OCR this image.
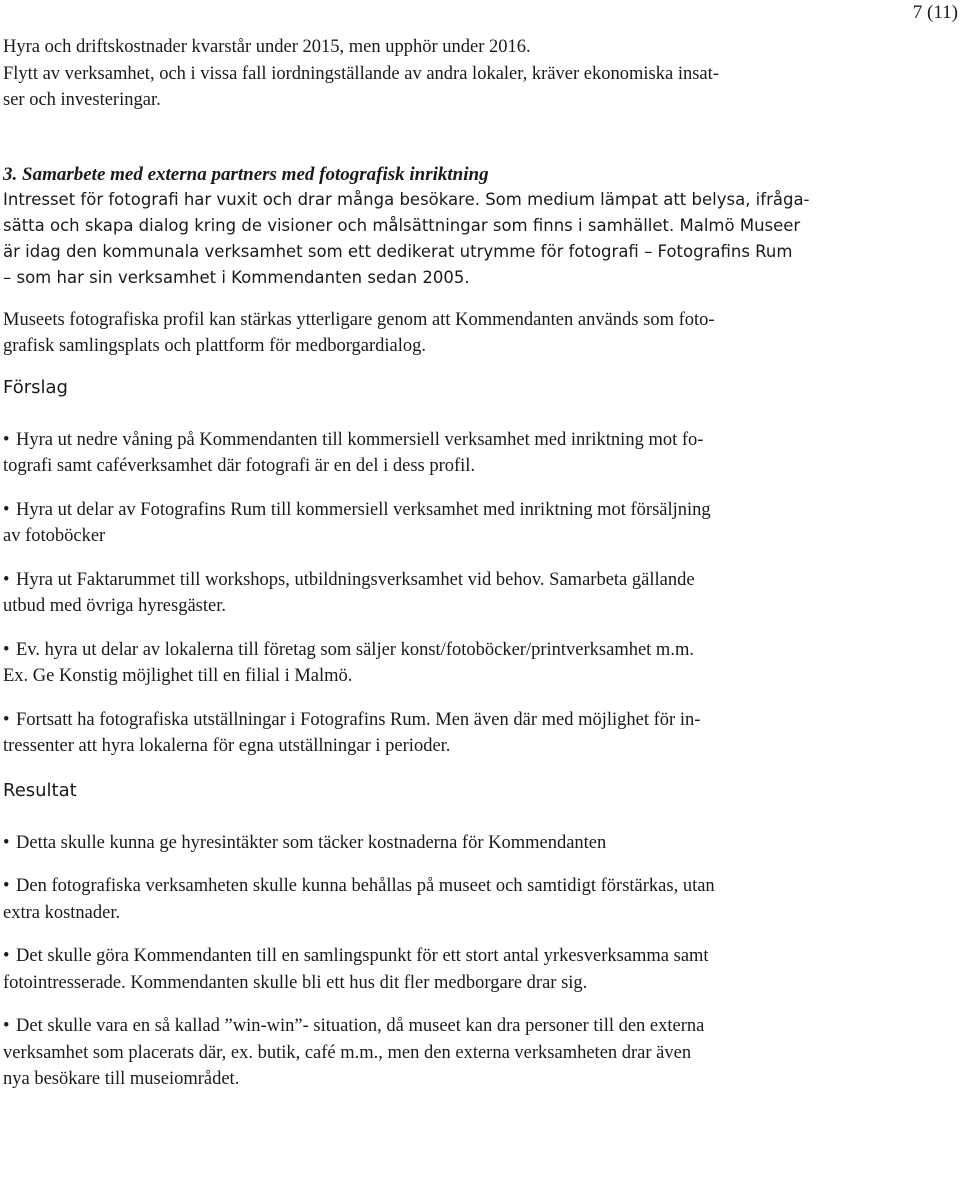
7 (11)
Hyra och driftskostnader kvarstår under 2015, men upphör under 2016.
Flytt av verksamhet, och i vissa fall iordningställande av andra lokaler, kräver ekonomiska insat-
ser och investeringar.
3. Samarbete med externa partners med fotografisk inriktning
Intresset för fotografi har vuxit och drar många besökare. Som medium lämpat att belysa, ifråga-
sätta och skapa dialog kring de visioner och målsättningar som finns i samhället. Malmö Museer
är idag den kommunala verksamhet som ett dedikerat utrymme för fotografi – Fotografins Rum
– som har sin verksamhet i Kommendanten sedan 2005.
Museets fotografiska profil kan stärkas ytterligare genom att Kommendanten används som foto-
grafisk samlingsplats och plattform för medborgardialog.
Förslag
• Hyra ut nedre våning på Kommendanten till kommersiell verksamhet med inriktning mot fo-
tografi samt caféverksamhet där fotografi är en del i dess profil.
• Hyra ut delar av Fotografins Rum till kommersiell verksamhet med inriktning mot försäljning
av fotoböcker
• Hyra ut Faktarummet till workshops, utbildningsverksamhet vid behov. Samarbeta gällande
utbud med övriga hyresgäster.
• Ev. hyra ut delar av lokalerna till företag som säljer konst/fotoböcker/printverksamhet m.m.
Ex. Ge Konstig möjlighet till en filial i Malmö.
• Fortsatt ha fotografiska utställningar i Fotografins Rum. Men även där med möjlighet för in-
tressenter att hyra lokalerna för egna utställningar i perioder.
Resultat
• Detta skulle kunna ge hyresintäkter som täcker kostnaderna för Kommendanten
• Den fotografiska verksamheten skulle kunna behållas på museet och samtidigt förstärkas, utan
extra kostnader.
• Det skulle göra Kommendanten till en samlingspunkt för ett stort antal yrkesverksamma samt
fotointresserade. Kommendanten skulle bli ett hus dit fler medborgare drar sig.
• Det skulle vara en så kallad ”win-win”- situation, då museet kan dra personer till den externa
verksamhet som placerats där, ex. butik, café m.m., men den externa verksamheten drar även
nya besökare till museiområdet.
